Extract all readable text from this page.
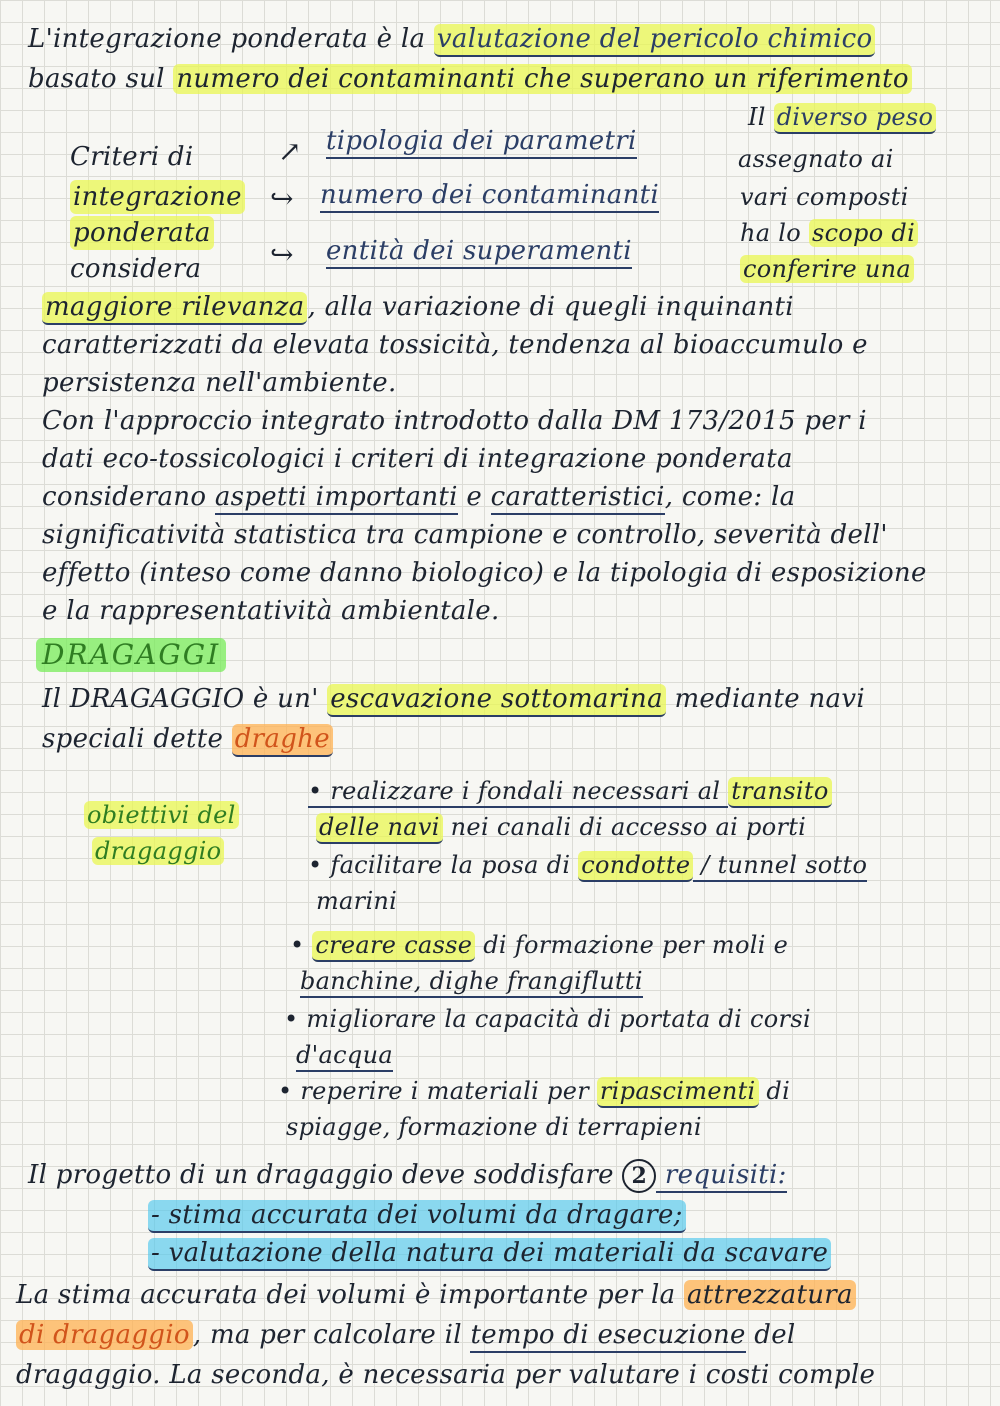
L'integrazione ponderata è la valutazione del pericolo chimico
basato sul numero dei contaminanti che superano un riferimento
Criteri di
integrazione
ponderata
considera
↗
↪
↪
tipologia dei parametri
numero dei contaminanti
entità dei superamenti
Il diverso peso
assegnato ai
vari composti
ha lo scopo di
conferire una
maggiore rilevanza , alla variazione di quegli inquinanti
caratterizzati da elevata tossicità, tendenza al bioaccumulo e
persistenza nell'ambiente.
Con l'approccio integrato introdotto dalla DM 173/2015 per i
dati eco-tossicologici i criteri di integrazione ponderata
considerano aspetti importanti e caratteristici, come: la
significatività statistica tra campione e controllo, severità dell'
effetto (inteso come danno biologico) e la tipologia di esposizione
e la rappresentatività ambientale.
DRAGAGGI
Il DRAGAGGIO è un' escavazione sottomarina mediante navi
speciali dette draghe
obiettivi del
dragaggio
• realizzare i fondali necessari al transito
delle navi nei canali di accesso ai porti
• facilitare la posa di condotte / tunnel sotto
marini
• creare casse di formazione per moli e
banchine, dighe frangiflutti
• migliorare la capacità di portata di corsi
d'acqua
• reperire i materiali per ripascimenti di
spiagge, formazione di terrapieni
Il progetto di un dragaggio deve soddisfare 2 requisiti:
- stima accurata dei volumi da dragare;
- valutazione della natura dei materiali da scavare
La stima accurata dei volumi è importante per la attrezzatura
di dragaggio , ma per calcolare il tempo di esecuzione del
dragaggio. La seconda, è necessaria per valutare i costi comple
